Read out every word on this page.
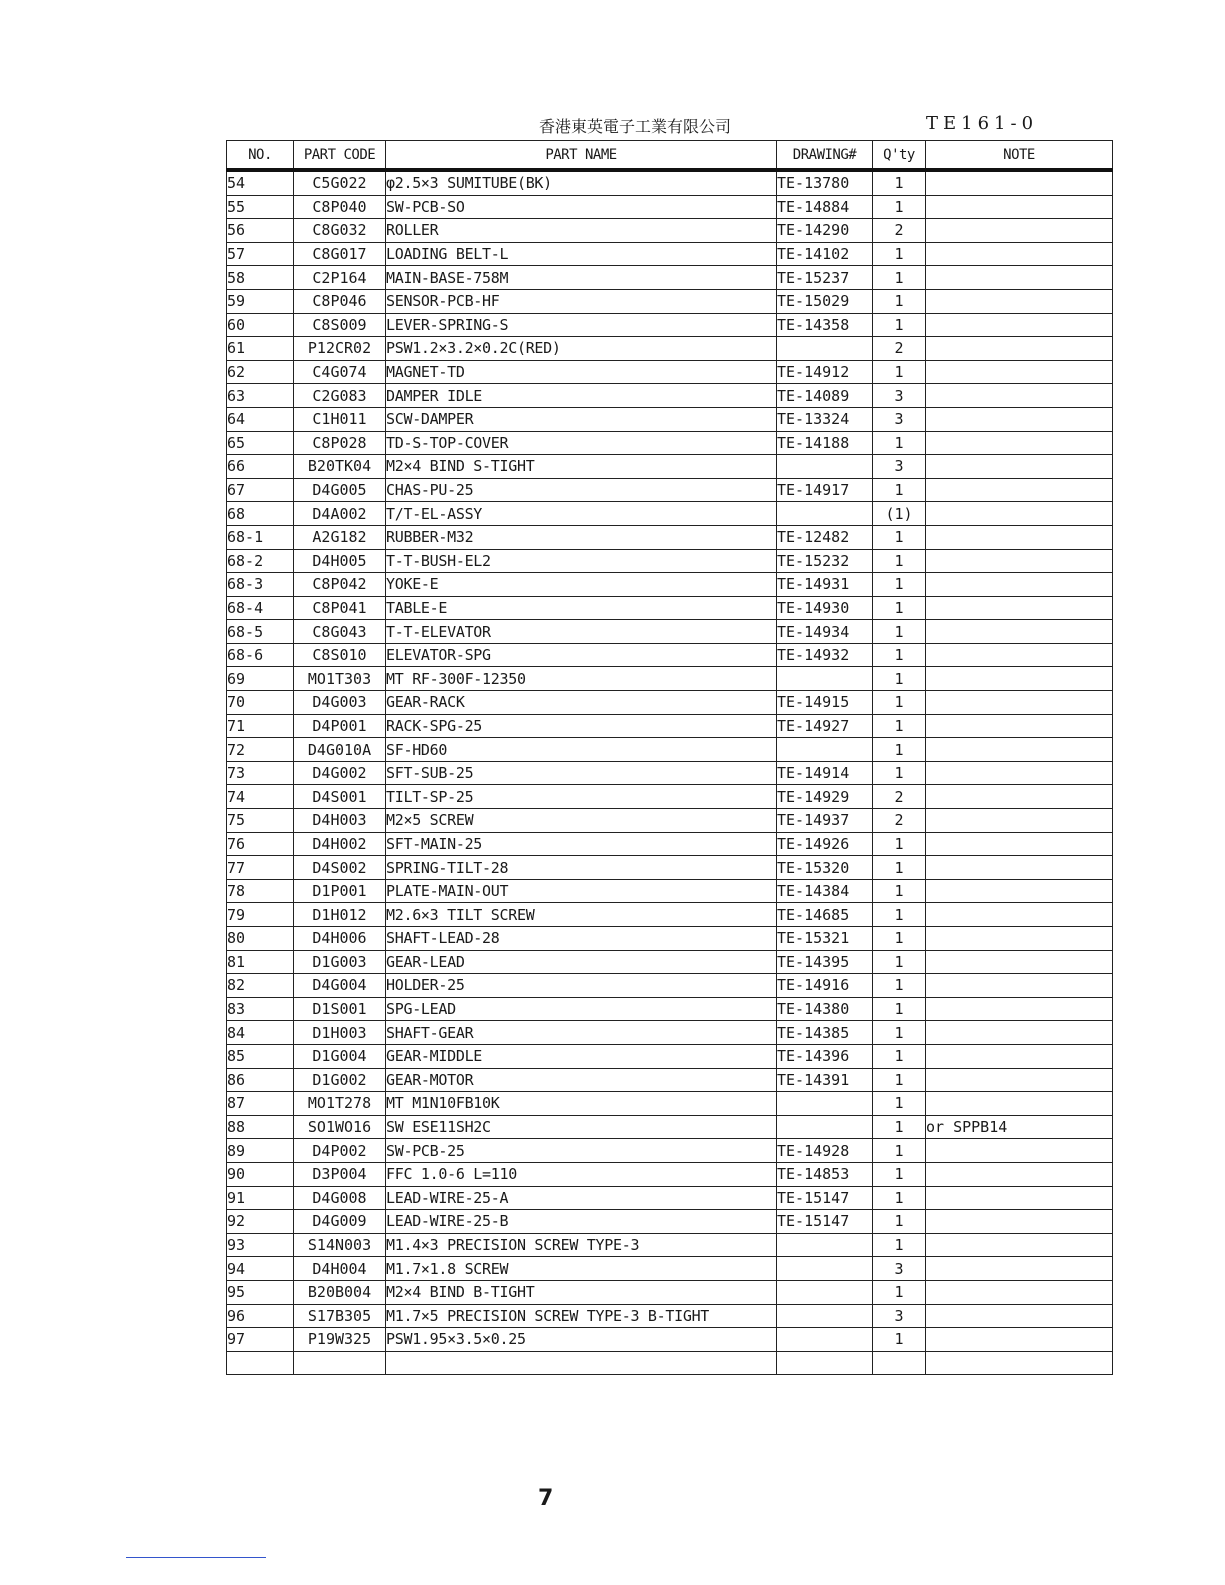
香港東英電子工業有限公司	TE161-0
NO.	PART CODE	PART NAME	DRAWING#	Q'ty	NOTE
54	C5G022	φ2.5×3 SUMITUBE(BK)	TE-13780	1	
55	C8P040	SW-PCB-SO	TE-14884	1	
56	C8G032	ROLLER	TE-14290	2	
57	C8G017	LOADING BELT-L	TE-14102	1	
58	C2P164	MAIN-BASE-758M	TE-15237	1	
59	C8P046	SENSOR-PCB-HF	TE-15029	1	
60	C8S009	LEVER-SPRING-S	TE-14358	1	
61	P12CR02	PSW1.2×3.2×0.2C(RED)		2	
62	C4G074	MAGNET-TD	TE-14912	1	
63	C2G083	DAMPER IDLE	TE-14089	3	
64	C1H011	SCW-DAMPER	TE-13324	3	
65	C8P028	TD-S-TOP-COVER	TE-14188	1	
66	B20TK04	M2×4 BIND S-TIGHT		3	
67	D4G005	CHAS-PU-25	TE-14917	1	
68	D4A002	T/T-EL-ASSY		(1)	
68-1	A2G182	RUBBER-M32	TE-12482	1	
68-2	D4H005	T-T-BUSH-EL2	TE-15232	1	
68-3	C8P042	YOKE-E	TE-14931	1	
68-4	C8P041	TABLE-E	TE-14930	1	
68-5	C8G043	T-T-ELEVATOR	TE-14934	1	
68-6	C8S010	ELEVATOR-SPG	TE-14932	1	
69	MO1T303	MT RF-300F-12350		1	
70	D4G003	GEAR-RACK	TE-14915	1	
71	D4P001	RACK-SPG-25	TE-14927	1	
72	D4G010A	SF-HD60		1	
73	D4G002	SFT-SUB-25	TE-14914	1	
74	D4S001	TILT-SP-25	TE-14929	2	
75	D4H003	M2×5 SCREW	TE-14937	2	
76	D4H002	SFT-MAIN-25	TE-14926	1	
77	D4S002	SPRING-TILT-28	TE-15320	1	
78	D1P001	PLATE-MAIN-OUT	TE-14384	1	
79	D1H012	M2.6×3 TILT SCREW	TE-14685	1	
80	D4H006	SHAFT-LEAD-28	TE-15321	1	
81	D1G003	GEAR-LEAD	TE-14395	1	
82	D4G004	HOLDER-25	TE-14916	1	
83	D1S001	SPG-LEAD	TE-14380	1	
84	D1H003	SHAFT-GEAR	TE-14385	1	
85	D1G004	GEAR-MIDDLE	TE-14396	1	
86	D1G002	GEAR-MOTOR	TE-14391	1	
87	MO1T278	MT M1N10FB10K		1	
88	SO1WO16	SW ESE11SH2C		1	or SPPB14
89	D4P002	SW-PCB-25	TE-14928	1	
90	D3P004	FFC 1.0-6 L=110	TE-14853	1	
91	D4G008	LEAD-WIRE-25-A	TE-15147	1	
92	D4G009	LEAD-WIRE-25-B	TE-15147	1	
93	S14N003	M1.4×3 PRECISION SCREW TYPE-3		1	
94	D4H004	M1.7×1.8 SCREW		3	
95	B20B004	M2×4 BIND B-TIGHT		1	
96	S17B305	M1.7×5 PRECISION SCREW TYPE-3 B-TIGHT		3	
97	P19W325	PSW1.95×3.5×0.25		1	

7
